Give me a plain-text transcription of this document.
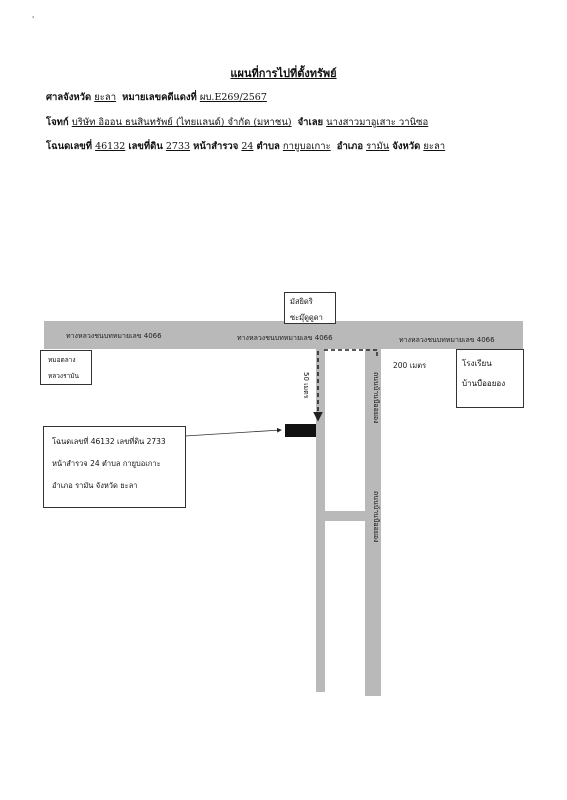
'
แผนที่การไปที่ตั้งทรัพย์
ศาลจังหวัด ยะลา หมายเลขคดีแดงที่ ผบ.E269/2567
โจทก์ บริษัท อิออน ธนสินทรัพย์ (ไทยแลนด์) จำกัด (มหาชน) จำเลย นางสาวมาอูเสาะ วานิซอ
โฉนดเลขที่ 46132 เลขที่ดิน 2733 หน้าสำรวจ 24 ตำบล กายูบอเกาะ อำเภอ รามัน จังหวัด ยะลา
ทางหลวงชนบทหมายเลข 4066	ทางหลวงชนบทหมายเลข 4066	ทางหลวงชนบทหมายเลข 4066
มัสยิดริ
ซะมุ๊ดูดูดา
หมอตลาง
หลวงรามัน
โรงเรียน
บ้านบืออยอง
ถนนบ้านบืออยอง
ถนนบ้านบืออยอง
50 เมตร
200 เมตร
โฉนดเลขที่ 46132 เลขที่ดิน 2733
หน้าสำรวจ 24 ตำบล กายูบอเกาะ
อำเภอ รามัน จังหวัด ยะลา
